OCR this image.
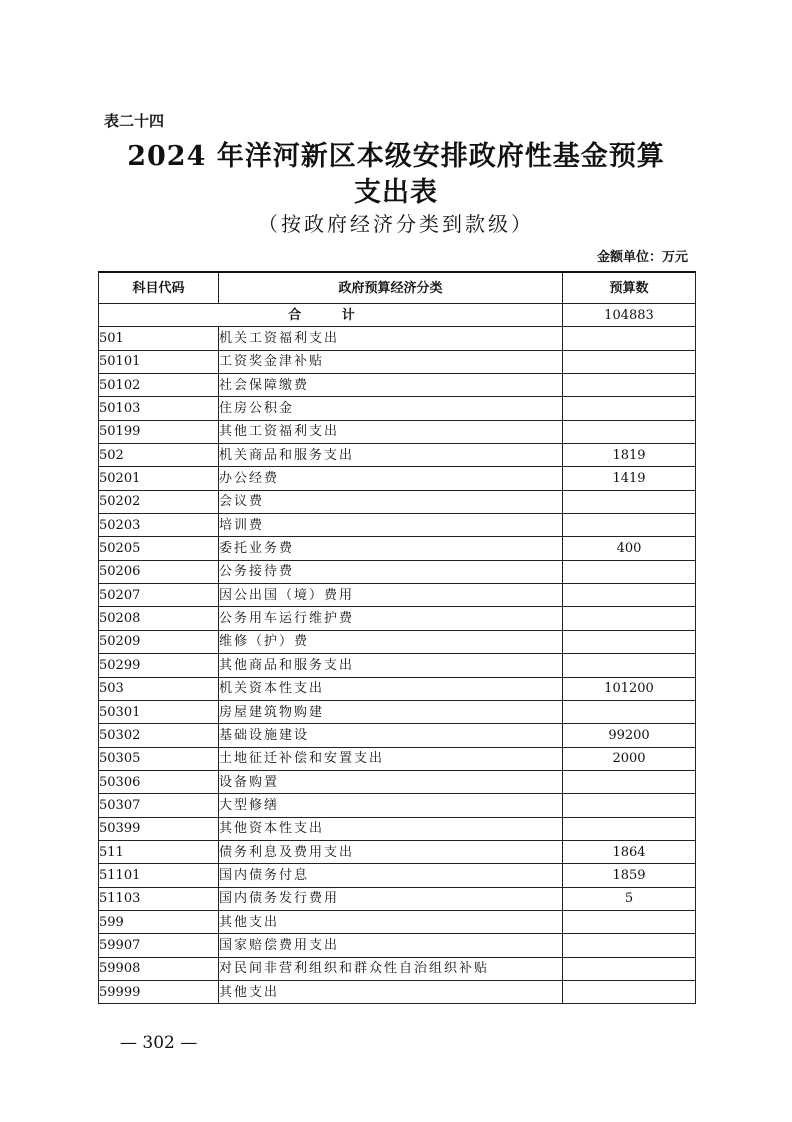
表二十四
2024 年洋河新区本级安排政府性基金预算
支出表
（按政府经济分类到款级）
金额单位：万元
科目代码	政府预算经济分类	预算数
合 计		104883
501	机关工资福利支出	
50101	工资奖金津补贴	
50102	社会保障缴费	
50103	住房公积金	
50199	其他工资福利支出	
502	机关商品和服务支出	1819
50201	办公经费	1419
50202	会议费	
50203	培训费	
50205	委托业务费	400
50206	公务接待费	
50207	因公出国（境）费用	
50208	公务用车运行维护费	
50209	维修（护）费	
50299	其他商品和服务支出	
503	机关资本性支出	101200
50301	房屋建筑物购建	
50302	基础设施建设	99200
50305	土地征迁补偿和安置支出	2000
50306	设备购置	
50307	大型修缮	
50399	其他资本性支出	
511	债务利息及费用支出	1864
51101	国内债务付息	1859
51103	国内债务发行费用	5
599	其他支出	
59907	国家赔偿费用支出	
59908	对民间非营利组织和群众性自治组织补贴	
59999	其他支出	
— 302 —
